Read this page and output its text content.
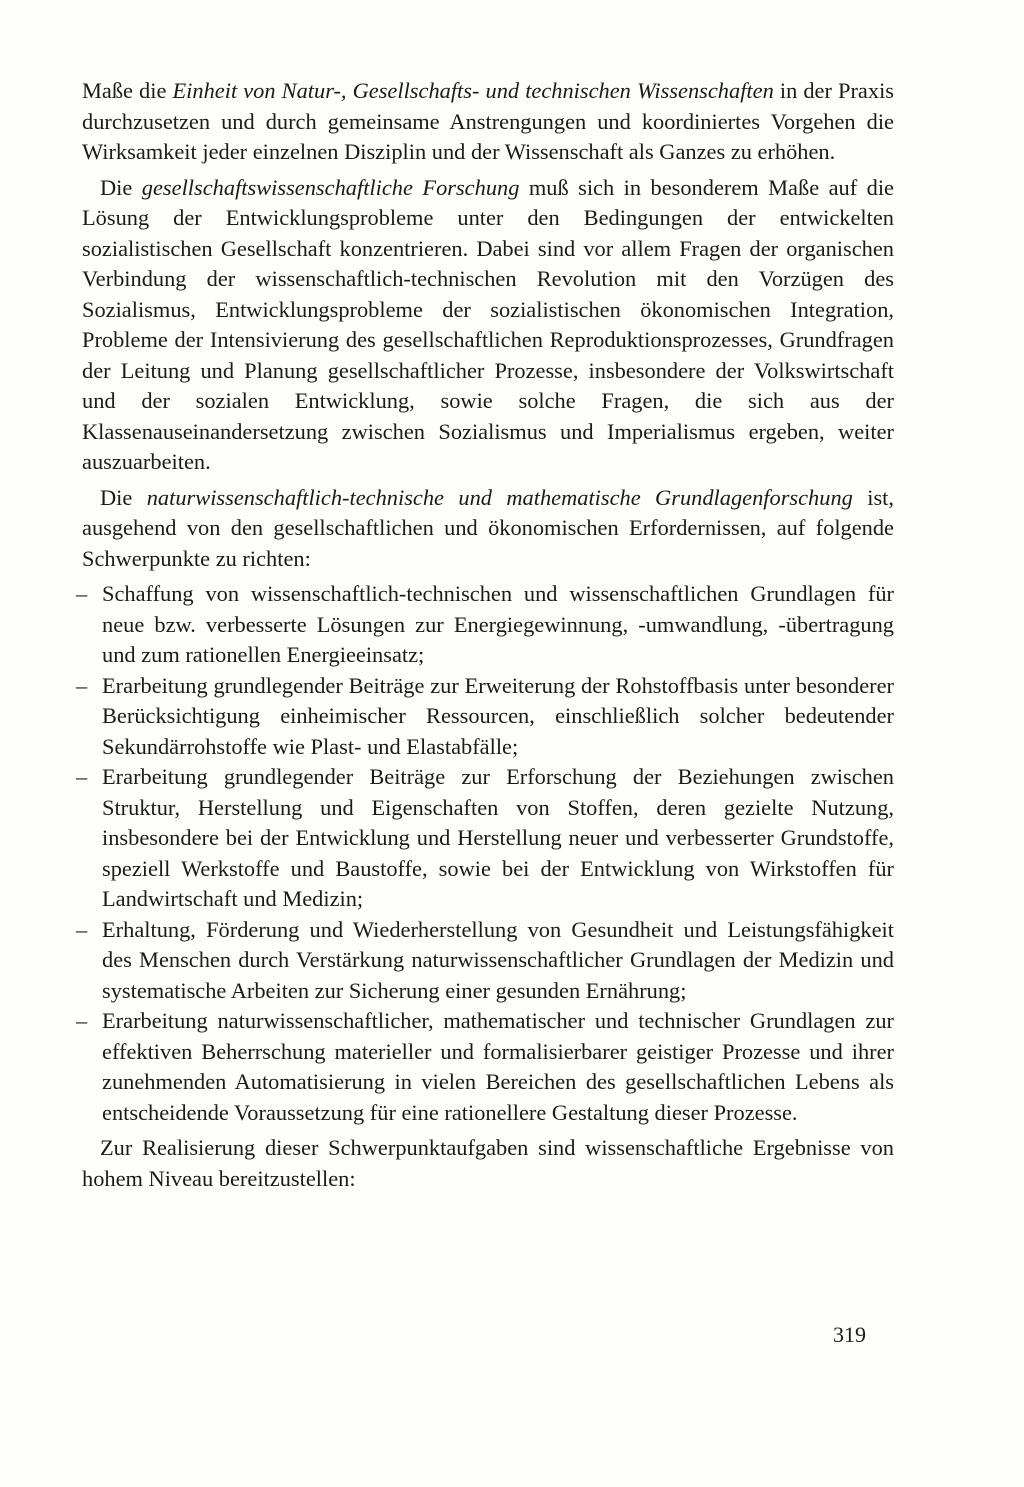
Maße die Einheit von Natur-, Gesellschafts- und technischen Wissenschaften in der Praxis durchzusetzen und durch gemeinsame Anstrengungen und koordiniertes Vorgehen die Wirksamkeit jeder einzelnen Disziplin und der Wissenschaft als Ganzes zu erhöhen.

Die gesellschaftswissenschaftliche Forschung muß sich in besonderem Maße auf die Lösung der Entwicklungsprobleme unter den Bedingungen der entwickelten sozialistischen Gesellschaft konzentrieren. Dabei sind vor allem Fragen der organischen Verbindung der wissenschaftlich-technischen Revolution mit den Vorzügen des Sozialismus, Entwicklungsprobleme der sozialistischen ökonomischen Integration, Probleme der Intensivierung des gesellschaftlichen Reproduktionsprozesses, Grundfragen der Leitung und Planung gesellschaftlicher Prozesse, insbesondere der Volkswirtschaft und der sozialen Entwicklung, sowie solche Fragen, die sich aus der Klassenauseinandersetzung zwischen Sozialismus und Imperialismus ergeben, weiter auszuarbeiten.

Die naturwissenschaftlich-technische und mathematische Grundlagenforschung ist, ausgehend von den gesellschaftlichen und ökonomischen Erfordernissen, auf folgende Schwerpunkte zu richten:

– Schaffung von wissenschaftlich-technischen und wissenschaftlichen Grundlagen für neue bzw. verbesserte Lösungen zur Energiegewinnung, -umwandlung, -übertragung und zum rationellen Energieeinsatz;

– Erarbeitung grundlegender Beiträge zur Erweiterung der Rohstoffbasis unter besonderer Berücksichtigung einheimischer Ressourcen, einschließlich solcher bedeutender Sekundärrohstoffe wie Plast- und Elastabfälle;

– Erarbeitung grundlegender Beiträge zur Erforschung der Beziehungen zwischen Struktur, Herstellung und Eigenschaften von Stoffen, deren gezielte Nutzung, insbesondere bei der Entwicklung und Herstellung neuer und verbesserter Grundstoffe, speziell Werkstoffe und Baustoffe, sowie bei der Entwicklung von Wirkstoffen für Landwirtschaft und Medizin;

– Erhaltung, Förderung und Wiederherstellung von Gesundheit und Leistungsfähigkeit des Menschen durch Verstärkung naturwissenschaftlicher Grundlagen der Medizin und systematische Arbeiten zur Sicherung einer gesunden Ernährung;

– Erarbeitung naturwissenschaftlicher, mathematischer und technischer Grundlagen zur effektiven Beherrschung materieller und formalisierbarer geistiger Prozesse und ihrer zunehmenden Automatisierung in vielen Bereichen des gesellschaftlichen Lebens als entscheidende Voraussetzung für eine rationellere Gestaltung dieser Prozesse.

Zur Realisierung dieser Schwerpunktaufgaben sind wissenschaftliche Ergebnisse von hohem Niveau bereitzustellen:

319
